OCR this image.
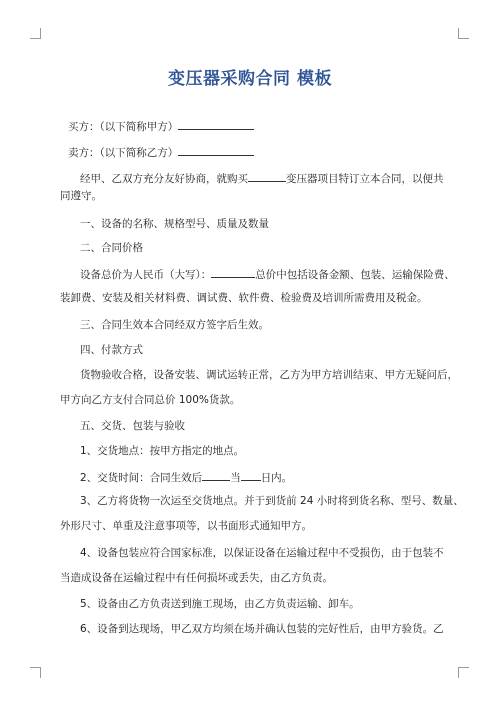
变压器采购合同 模板
买方：（以下简称甲方）
卖方：（以下简称乙方）
经甲、乙双方充分友好协商，就购买	变压器项目特订立本合同，以便共
同遵守。
一、设备的名称、规格型号、质量及数量
二、合同价格
设备总价为人民币（大写）：	总价中包括设备金额、包装、运输保险费、
装卸费、安装及相关材料费、调试费、软件费、检验费及培训所需费用及税金。
三、合同生效本合同经双方签字后生效。
四、付款方式
货物验收合格，设备安装、调试运转正常，乙方为甲方培训结束、甲方无疑问后，
甲方向乙方支付合同总价 100%货款。
五、交货、包装与验收
1、交货地点：按甲方指定的地点。
2、交货时间：合同生效后	当 日内。
3、乙方将货物一次运至交货地点。并于到货前 24 小时将到货名称、型号、数量、
外形尺寸、单重及注意事项等，以书面形式通知甲方。
4、设备包装应符合国家标准，以保证设备在运输过程中不受损伤，由于包装不
当造成设备在运输过程中有任何损坏或丢失，由乙方负责。
5、设备由乙方负责送到施工现场，由乙方负责运输、卸车。
6、设备到达现场，甲乙双方均须在场并确认包装的完好性后，由甲方验货。乙
